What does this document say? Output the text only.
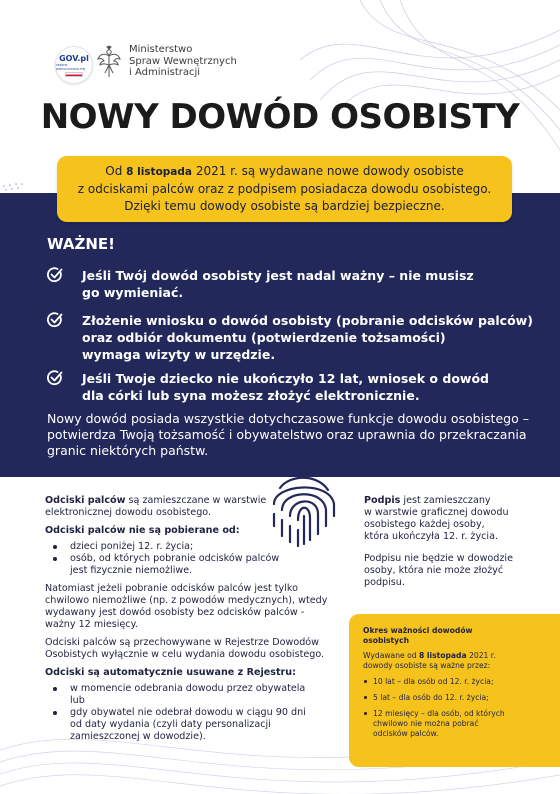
GOV.pl
SERWIS RZECZYPOSPOLITEJ
Ministerstwo
Spraw Wewnętrznych
i Administracji
NOWY DOWÓD OSOBISTY
Od 8 listopada 2021 r. są wydawane nowe dowody osobiste
z odciskami palców oraz z podpisem posiadacza dowodu osobistego.
Dzięki temu dowody osobiste są bardziej bezpieczne.
WAŻNE!
Jeśli Twój dowód osobisty jest nadal ważny – nie musisz
go wymieniać.
Złożenie wniosku o dowód osobisty (pobranie odcisków palców)
oraz odbiór dokumentu (potwierdzenie tożsamości)
wymaga wizyty w urzędzie.
Jeśli Twoje dziecko nie ukończyło 12 lat, wniosek o dowód
dla córki lub syna możesz złożyć elektronicznie.
Nowy dowód posiada wszystkie dotychczasowe funkcje dowodu osobistego –
potwierdza Twoją tożsamość i obywatelstwo oraz uprawnia do przekraczania
granic niektórych państw.
Odciski palców są zamieszczane w warstwie
elektronicznej dowodu osobistego.
Odciski palców nie są pobierane od:
dzieci poniżej 12. r. życia;
osób, od których pobranie odcisków palców
jest fizycznie niemożliwe.
Natomiast jeżeli pobranie odcisków palców jest tylko
chwilowo niemożliwe (np. z powodów medycznych), wtedy
wydawany jest dowód osobisty bez odcisków palców -
ważny 12 miesięcy.
Odciski palców są przechowywane w Rejestrze Dowodów
Osobistych wyłącznie w celu wydania dowodu osobistego.
Odciski są automatycznie usuwane z Rejestru:
w momencie odebrania dowodu przez obywatela
lub
gdy obywatel nie odebrał dowodu w ciągu 90 dni
od daty wydania (czyli daty personalizacji
zamieszczonej w dowodzie).
Podpis jest zamieszczany
w warstwie graficznej dowodu
osobistego każdej osoby,
która ukończyła 12. r. życia.
Podpisu nie będzie w dowodzie
osoby, która nie może złożyć
podpisu.
Okres ważności dowodów
osobistych
Wydawane od 8 listopada 2021 r.
dowody osobiste są ważne przez:
10 lat – dla osób od 12. r. życia;
5 lat – dla osób do 12. r. życia;
12 miesięcy – dla osób, od których
chwilowo nie można pobrać
odcisków palców.
